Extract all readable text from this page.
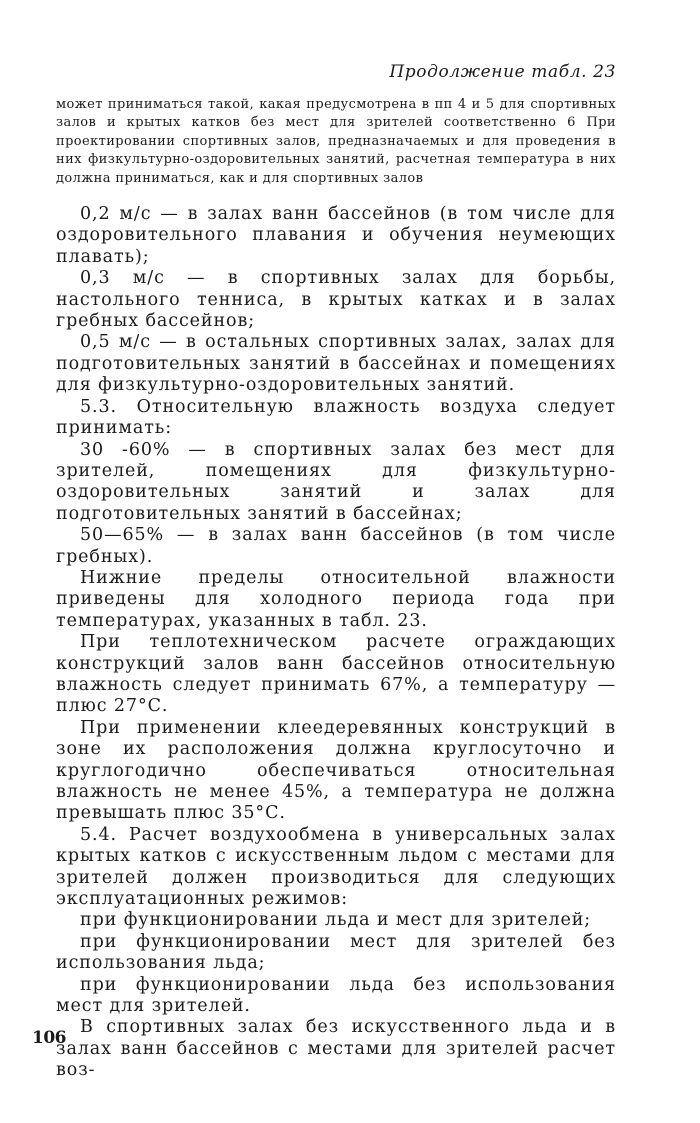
Продолжение табл. 23
может приниматься такой, какая предусмотрена в пп 4 и 5 для спортивных залов и крытых катков без мест для зрителей соответственно 6 При проектировании спортивных залов, предназначаемых и для проведения в них физкультурно-оздоровительных занятий, расчетная температура в них должна приниматься, как и для спортивных залов

0,2 м/с — в залах ванн бассейнов (в том числе для оздоровительного плавания и обучения неумеющих плавать);

0,3 м/с — в спортивных залах для борьбы, настольного тенниса, в крытых катках и в залах гребных бассейнов;

0,5 м/с — в остальных спортивных залах, залах для подготовительных занятий в бассейнах и помещениях для физкультурно-оздоровительных занятий.

5.3. Относительную влажность воздуха следует принимать:

30 -60% — в спортивных залах без мест для зрителей, помещениях для физкультурно-оздоровительных занятий и залах для подготовительных занятий в бассейнах;

50—65% — в залах ванн бассейнов (в том числе гребных).

Нижние пределы относительной влажности приведены для холодного периода года при температурах, указанных в табл. 23.

При теплотехническом расчете ограждающих конструкций залов ванн бассейнов относительную влажность следует принимать 67%, а температуру — плюс 27°С.

При применении клеедеревянных конструкций в зоне их расположения должна круглосуточно и круглогодично обеспечиваться относительная влажность не менее 45%, а температура не должна превышать плюс 35°С.

5.4. Расчет воздухообмена в универсальных залах крытых катков с искусственным льдом с местами для зрителей должен производиться для следующих эксплуатационных режимов:

при функционировании льда и мест для зрителей;

при функционировании мест для зрителей без использования льда;

при функционировании льда без использования мест для зрителей.

В спортивных залах без искусственного льда и в залах ванн бассейнов с местами для зрителей расчет воз-

106
